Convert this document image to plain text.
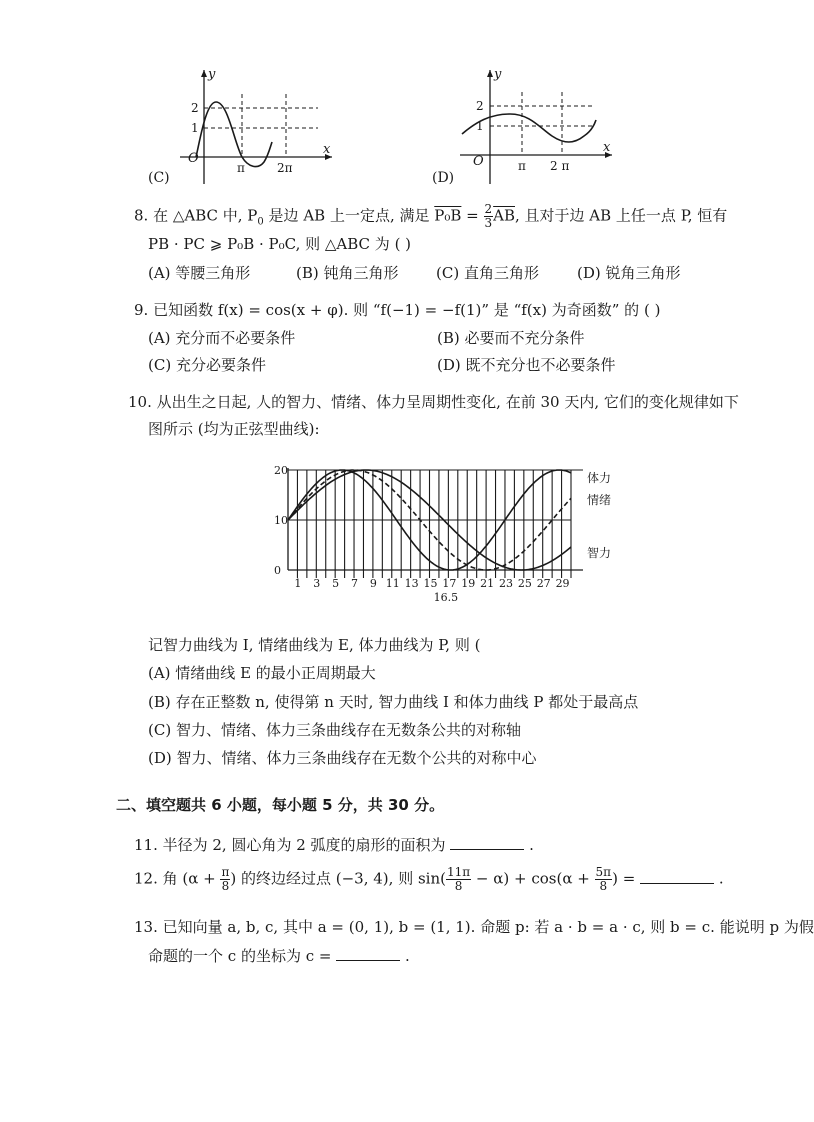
y
x
O
2
1
π	2π
(C)
y
x
O
2
1
π 2 π
(D)
8. 在 △ABC 中, $P_0$ 是边 AB 上一定点, 满足 $P_0B = \frac{2}{3} \overline{AB}$, 且对于边 AB 上任一点 P, 恒有
PB · PC ⩾ P₀B · P₀C, 则 △ABC 为 ( )
(A) 等腰三角形	(B) 钝角三角形	(C) 直角三角形	(D) 锐角三角形
9. 已知函数 f(x) = cos(x + φ). 则 “f(−1) = −f(1)” 是 “f(x) 为奇函数” 的 ( )
(A) 充分而不必要条件	(B) 必要而不充分条件
(C) 充分必要条件	(D) 既不充分也不必要条件
10. 从出生之日起, 人的智力、情绪、体力呈周期性变化, 在前 30 天内, 它们的变化规律如下
图所示 (均为正弦型曲线):
0
10
20
1 3 5 7 9 11 13 15 17 19 21 23 25 27 29
16.5
体力
情绪
智力
记智力曲线为 I, 情绪曲线为 E, 体力曲线为 P, 则 (
(A) 情绪曲线 E 的最小正周期最大
(B) 存在正整数 n, 使得第 n 天时, 智力曲线 I 和体力曲线 P 都处于最高点
(C) 智力、情绪、体力三条曲线存在无数条公共的对称轴
(D) 智力、情绪、体力三条曲线存在无数个公共的对称中心
二、填空题共 6 小题，每小题 5 分，共 30 分。
11. 半径为 2, 圆心角为 2 弧度的扇形的面积为	.
12. 角 ($\alpha + \frac{\pi}{8}$ ) 的终边经过点 (−3, 4), 则 $\sin( \frac{11\pi}{8} - \alpha) + \cos(\alpha + \frac{5\pi}{8}$ ) =	.
13. 已知向量 a, b, c, 其中 a = (0, 1), b = (1, 1). 命题 p: 若 a · b = a · c, 则 b = c. 能说明 p 为假
命题的一个 c 的坐标为 c =	.
